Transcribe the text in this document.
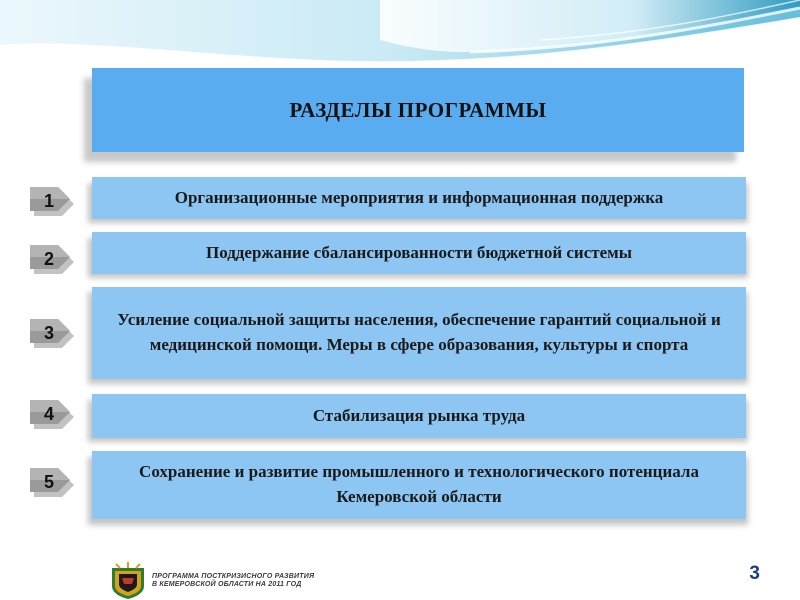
РАЗДЕЛЫ ПРОГРАММЫ
Организационные мероприятия и информационная поддержка
1
Поддержание сбалансированности бюджетной системы
2
Усиление социальной защиты населения, обеспечение гарантий социальной и медицинской помощи. Меры в сфере образования, культуры и спорта
3
Стабилизация рынка труда
4
Сохранение и развитие промышленного и технологического потенциала Кемеровской области
5
ПРОГРАММА ПОСТКРИЗИСНОГО РАЗВИТИЯ
В КЕМЕРОВСКОЙ ОБЛАСТИ НА 2011 ГОД
3
